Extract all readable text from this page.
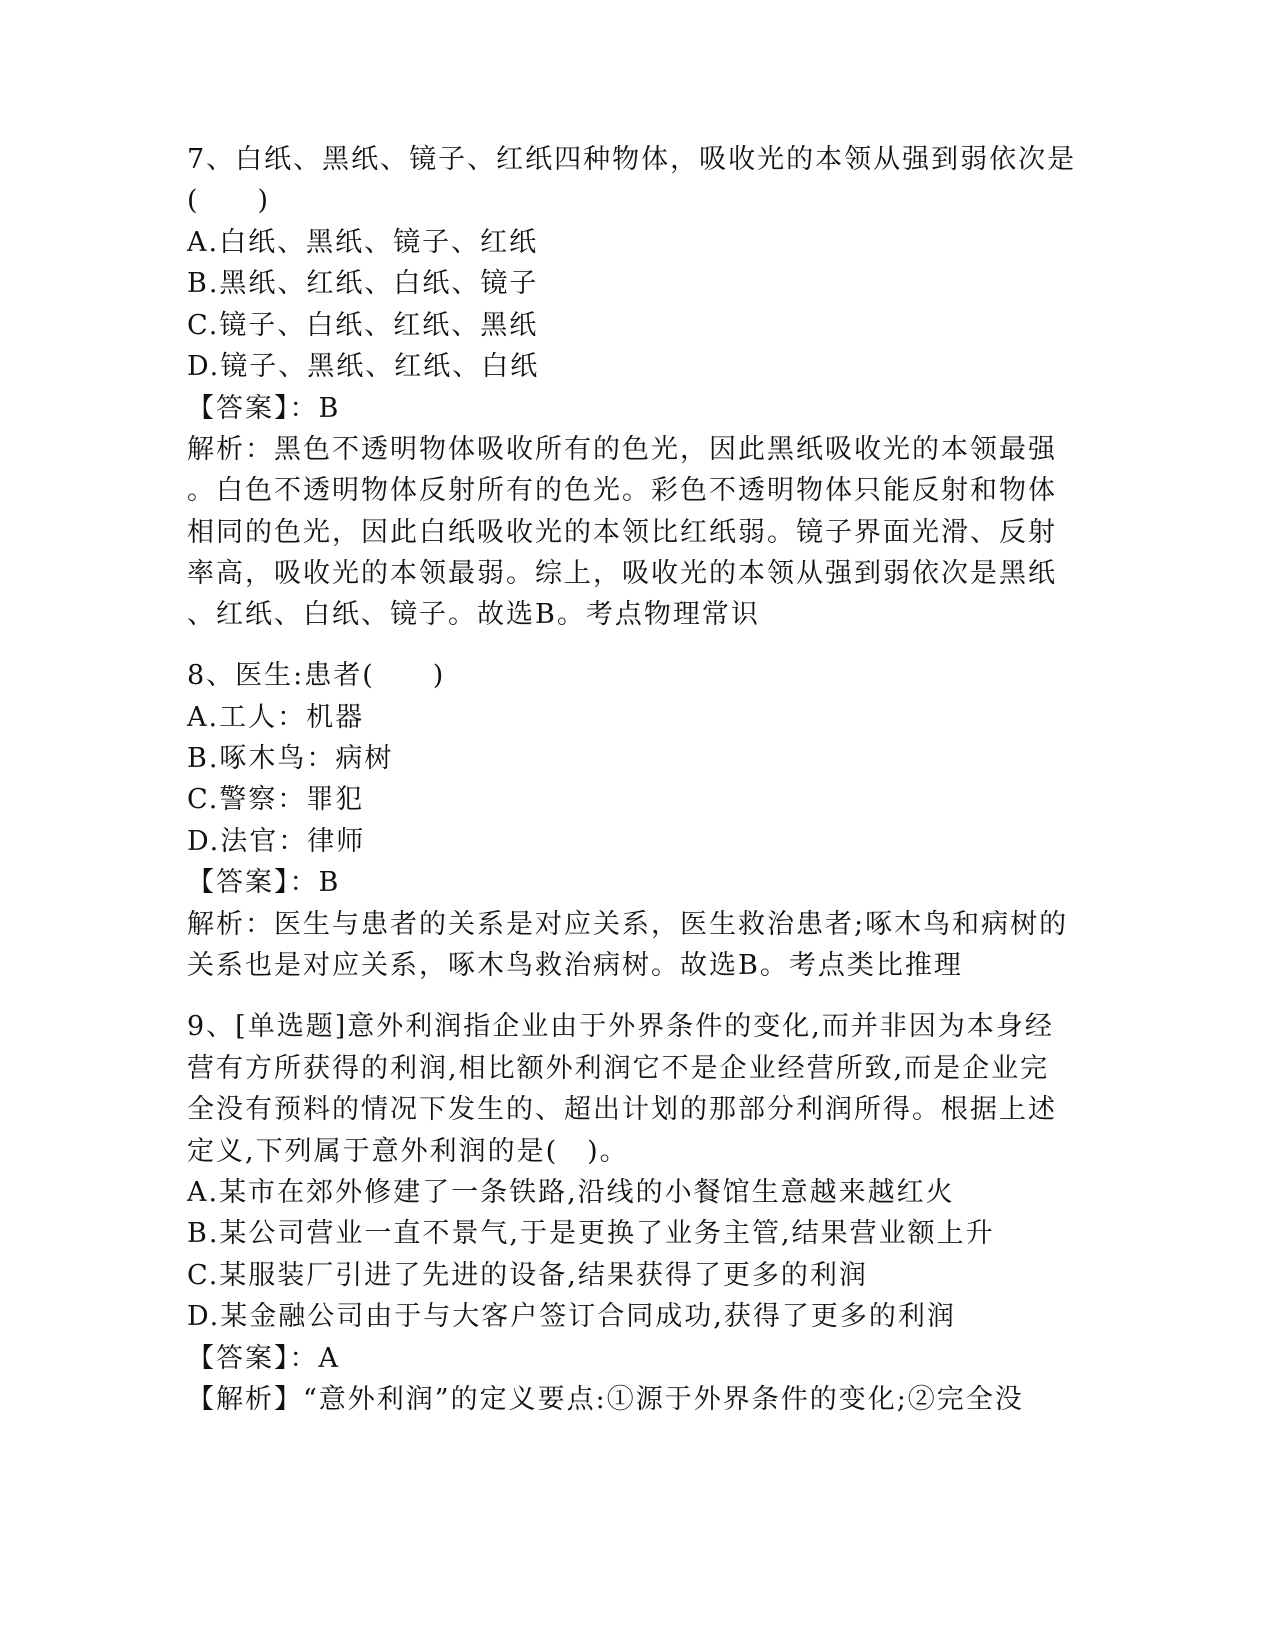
7、白纸、黑纸、镜子、红纸四种物体，吸收光的本领从强到弱依次是
(　　)
A.白纸、黑纸、镜子、红纸
B.黑纸、红纸、白纸、镜子
C.镜子、白纸、红纸、黑纸
D.镜子、黑纸、红纸、白纸
【答案】：B
解析：黑色不透明物体吸收所有的色光，因此黑纸吸收光的本领最强
。白色不透明物体反射所有的色光。彩色不透明物体只能反射和物体
相同的色光，因此白纸吸收光的本领比红纸弱。镜子界面光滑、反射
率高，吸收光的本领最弱。综上，吸收光的本领从强到弱依次是黑纸
、红纸、白纸、镜子。故选B。考点物理常识
8、医生:患者(　　)
A.工人：机器
B.啄木鸟：病树
C.警察：罪犯
D.法官：律师
【答案】：B
解析：医生与患者的关系是对应关系，医生救治患者;啄木鸟和病树的
关系也是对应关系，啄木鸟救治病树。故选B。考点类比推理
9、[单选题]意外利润指企业由于外界条件的变化,而并非因为本身经
营有方所获得的利润,相比额外利润它不是企业经营所致,而是企业完
全没有预料的情况下发生的、超出计划的那部分利润所得。根据上述
定义,下列属于意外利润的是(　)。
A.某市在郊外修建了一条铁路,沿线的小餐馆生意越来越红火
B.某公司营业一直不景气,于是更换了业务主管,结果营业额上升
C.某服装厂引进了先进的设备,结果获得了更多的利润
D.某金融公司由于与大客户签订合同成功,获得了更多的利润
【答案】：A
【解析】“意外利润”的定义要点:①源于外界条件的变化;②完全没
